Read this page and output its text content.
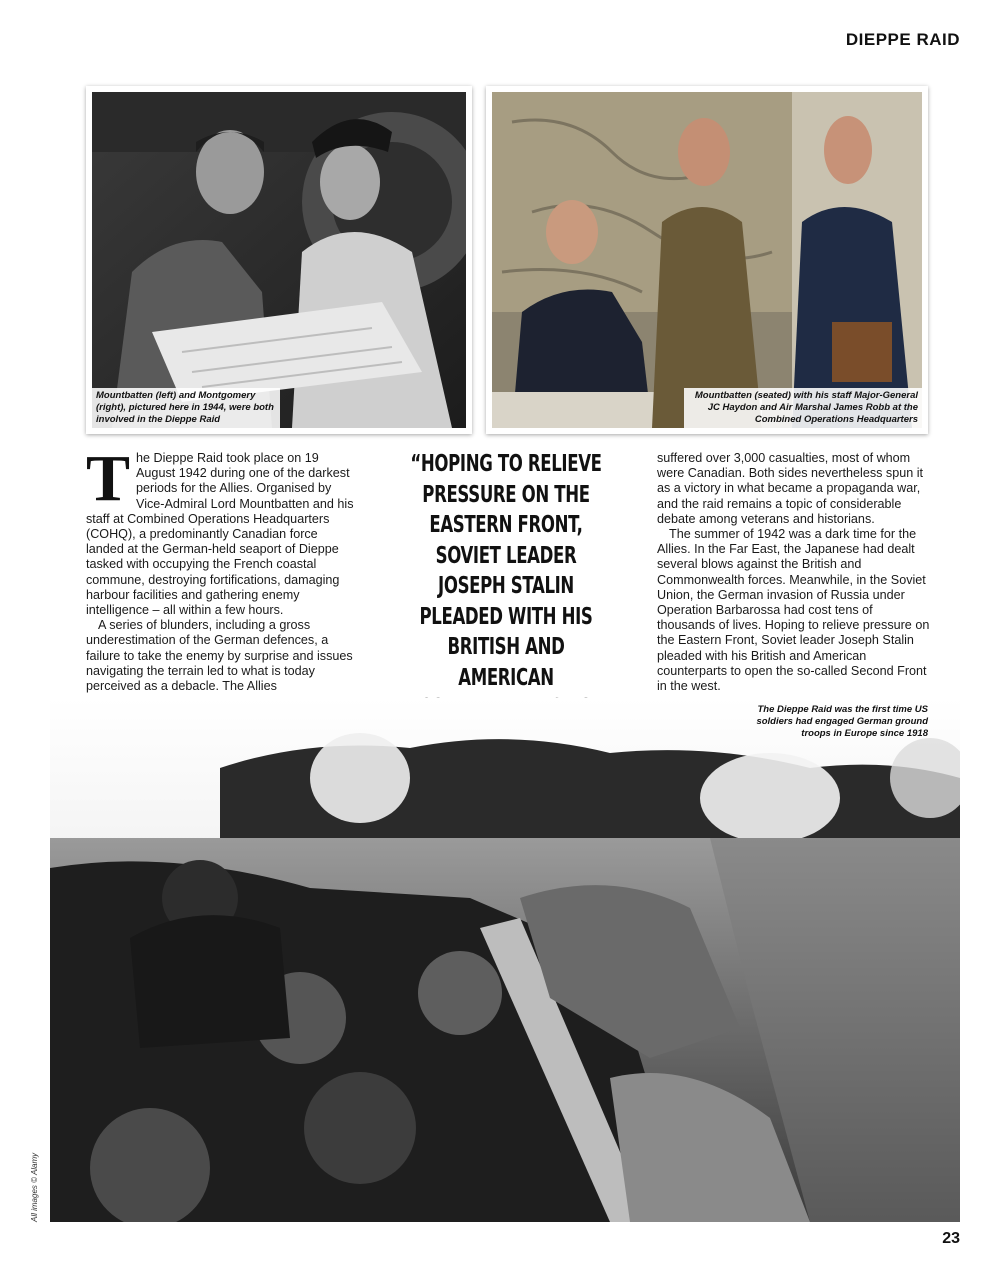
DIEPPE RAID
Mountbatten (left) and Montgomery (right), pictured here in 1944, were both involved in the Dieppe Raid
Mountbatten (seated) with his staff Major-General JC Haydon and Air Marshal James Robb at the Combined Operations Headquarters

The Dieppe Raid took place on 19 August 1942 during one of the darkest periods for the Allies. Organised by Vice-Admiral Lord Mountbatten and his staff at Combined Operations Headquarters (COHQ), a predominantly Canadian force landed at the German-held seaport of Dieppe tasked with occupying the French coastal commune, destroying fortifications, damaging harbour facilities and gathering enemy intelligence – all within a few hours.

A series of blunders, including a gross underestimation of the German defences, a failure to take the enemy by surprise and issues navigating the terrain led to what is today perceived as a debacle. The Allies

“HOPING TO RELIEVE PRESSURE ON THE EASTERN FRONT, SOVIET LEADER JOSEPH STALIN PLEADED WITH HIS BRITISH AND AMERICAN

suffered over 3,000 casualties, most of whom were Canadian. Both sides nevertheless spun it as a victory in what became a propaganda war, and the raid remains a topic of considerable debate among veterans and historians.

The summer of 1942 was a dark time for the Allies. In the Far East, the Japanese had dealt several blows against the British and Commonwealth forces. Meanwhile, in the Soviet Union, the German invasion of Russia under Operation Barbarossa had cost tens of thousands of lives. Hoping to relieve pressure on the Eastern Front, Soviet leader Joseph Stalin pleaded with his British and American counterparts to open the so-called Second Front in the west.

The Dieppe Raid was the first time US soldiers had engaged German ground troops in Europe since 1918
All images © Alamy
23
